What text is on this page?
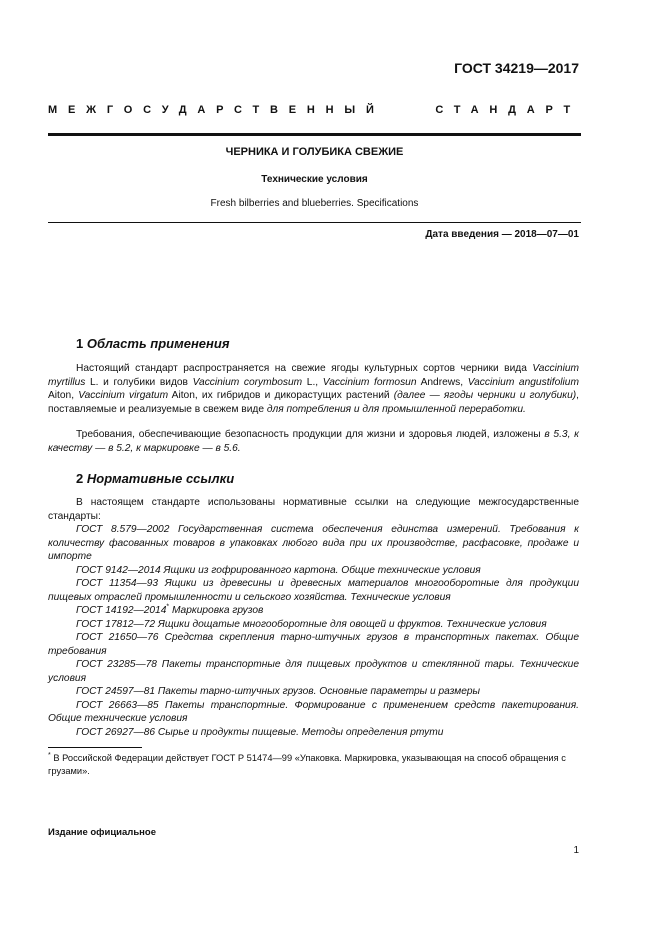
ГОСТ 34219—2017
МЕЖГОСУДАРСТВЕННЫЙ	СТАНДАРТ
ЧЕРНИКА И ГОЛУБИКА СВЕЖИЕ
Технические условия
Fresh bilberries and blueberries. Specifications
Дата введения — 2018—07—01
1 Область применения
Настоящий стандарт распространяется на свежие ягоды культурных сортов черники вида Vaccinium myrtillus L. и голубики видов Vaccinium corymbosum L., Vaccinium formosun Andrews, Vaccinium angustifolium Aiton, Vaccinium virgatum Aiton, их гибридов и дикорастущих растений (далее — ягоды черники и голубики), поставляемые и реализуемые в свежем виде для потребления и для промышленной переработки.
Требования, обеспечивающие безопасность продукции для жизни и здоровья людей, изложены в 5.3, к качеству — в 5.2, к маркировке — в 5.6.
2 Нормативные ссылки

В настоящем стандарте использованы нормативные ссылки на следующие межгосударственные стандарты:

ГОСТ 8.579—2002 Государственная система обеспечения единства измерений. Требования к количеству фасованных товаров в упаковках любого вида при их производстве, расфасовке, продаже и импорте

ГОСТ 9142—2014 Ящики из гофрированного картона. Общие технические условия

ГОСТ 11354—93 Ящики из древесины и древесных материалов многооборотные для продукции пищевых отраслей промышленности и сельского хозяйства. Технические условия

ГОСТ 14192—2014* Маркировка грузов

ГОСТ 17812—72 Ящики дощатые многооборотные для овощей и фруктов. Технические условия

ГОСТ 21650—76 Средства скрепления тарно-штучных грузов в транспортных пакетах. Общие требования

ГОСТ 23285—78 Пакеты транспортные для пищевых продуктов и стеклянной тары. Технические условия

ГОСТ 24597—81 Пакеты тарно-штучных грузов. Основные параметры и размеры

ГОСТ 26663—85 Пакеты транспортные. Формирование с применением средств пакетирования. Общие технические условия

ГОСТ 26927—86 Сырье и продукты пищевые. Методы определения ртути

* В Российской Федерации действует ГОСТ Р 51474—99 «Упаковка. Маркировка, указывающая на способ обращения с грузами».
Издание официальное
1
